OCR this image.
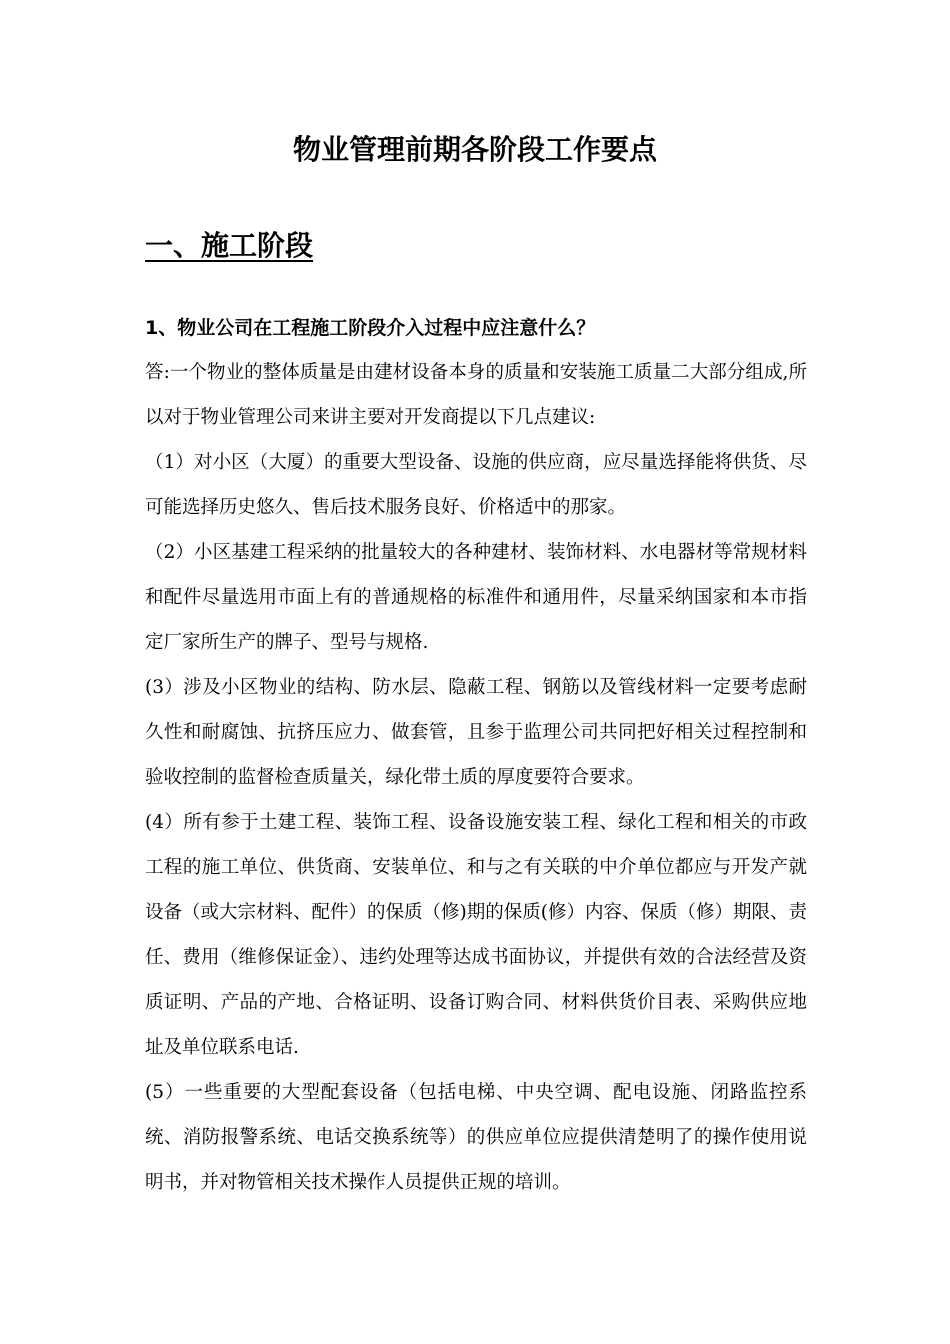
物业管理前期各阶段工作要点
一、施工阶段
1、物业公司在工程施工阶段介入过程中应注意什么？

答:一个物业的整体质量是由建材设备本身的质量和安装施工质量二大部分组成,所以对于物业管理公司来讲主要对开发商提以下几点建议:

（1）对小区（大厦）的重要大型设备、设施的供应商，应尽量选择能将供货、尽可能选择历史悠久、售后技术服务良好、价格适中的那家。

（2）小区基建工程采纳的批量较大的各种建材、装饰材料、水电器材等常规材料和配件尽量选用市面上有的普通规格的标准件和通用件，尽量采纳国家和本市指定厂家所生产的牌子、型号与规格.

(3）涉及小区物业的结构、防水层、隐蔽工程、钢筋以及管线材料一定要考虑耐久性和耐腐蚀、抗挤压应力、做套管，且参于监理公司共同把好相关过程控制和验收控制的监督检查质量关，绿化带土质的厚度要符合要求。

(4）所有参于土建工程、装饰工程、设备设施安装工程、绿化工程和相关的市政工程的施工单位、供货商、安装单位、和与之有关联的中介单位都应与开发产就设备（或大宗材料、配件）的保质（修)期的保质(修）内容、保质（修）期限、责任、费用（维修保证金）、违约处理等达成书面协议，并提供有效的合法经营及资质证明、产品的产地、合格证明、设备订购合同、材料供货价目表、采购供应地址及单位联系电话.

(5）一些重要的大型配套设备（包括电梯、中央空调、配电设施、闭路监控系统、消防报警系统、电话交换系统等）的供应单位应提供清楚明了的操作使用说明书，并对物管相关技术操作人员提供正规的培训。
